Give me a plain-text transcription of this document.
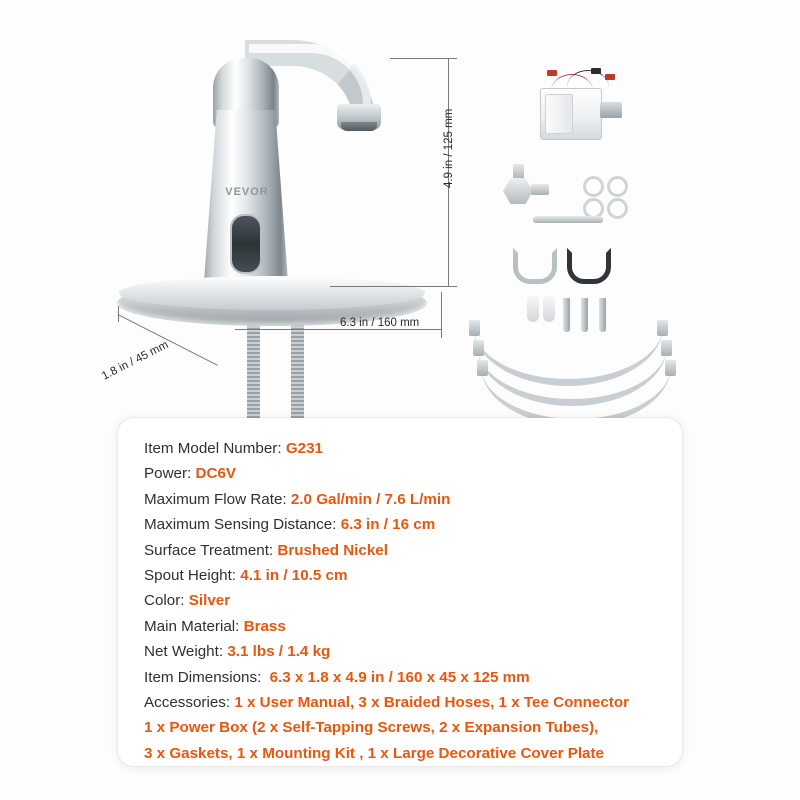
VEVOR
4.9 in / 125 mm
6.3 in / 160 mm
1.8 in / 45 mm
Item Model Number: G231
Power: DC6V
Maximum Flow Rate: 2.0 Gal/min / 7.6 L/min
Maximum Sensing Distance: 6.3 in / 16 cm
Surface Treatment: Brushed Nickel
Spout Height: 4.1 in / 10.5 cm
Color: Silver
Main Material: Brass
Net Weight: 3.1 lbs / 1.4 kg
Item Dimensions: 6.3 x 1.8 x 4.9 in / 160 x 45 x 125 mm
Accessories: 1 x User Manual, 3 x Braided Hoses, 1 x Tee Connector
1 x Power Box (2 x Self-Tapping Screws, 2 x Expansion Tubes),
3 x Gaskets, 1 x Mounting Kit , 1 x Large Decorative Cover Plate
